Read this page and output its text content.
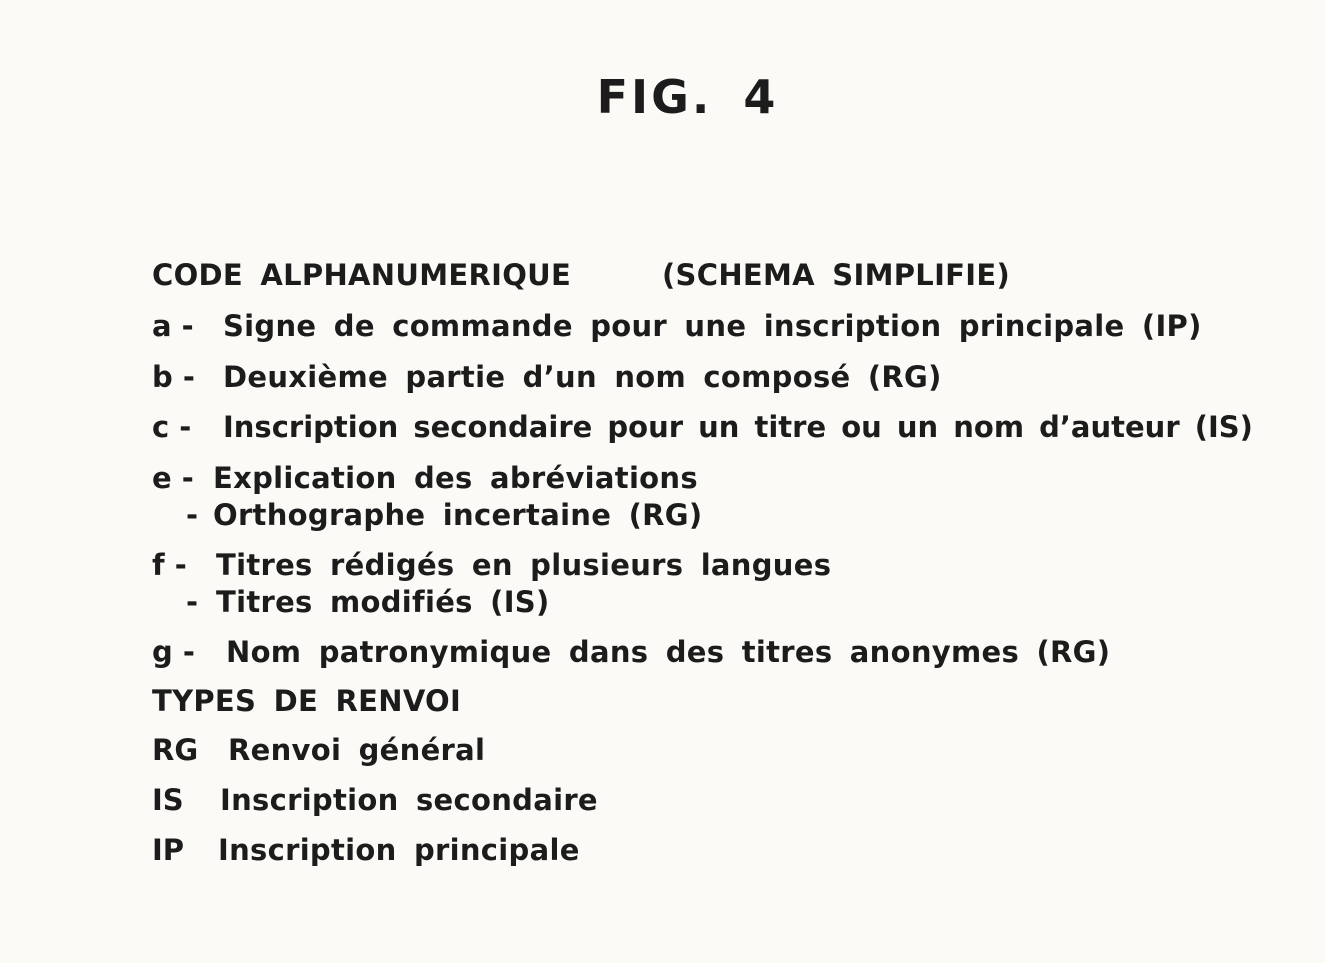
FIG. 4
CODE ALPHANUMERIQUE	(SCHEMA SIMPLIFIE)
a - Signe de commande pour une inscription principale (IP)
b - Deuxième partie d’un nom composé (RG)
c - Inscription secondaire pour un titre ou un nom d’auteur (IS)
e - Explication des abréviations
- Orthographe incertaine (RG)
f - Titres rédigés en plusieurs langues
- Titres modifiés (IS)
g - Nom patronymique dans des titres anonymes (RG)
TYPES DE RENVOI
RG Renvoi général
IS Inscription secondaire
IP Inscription principale
